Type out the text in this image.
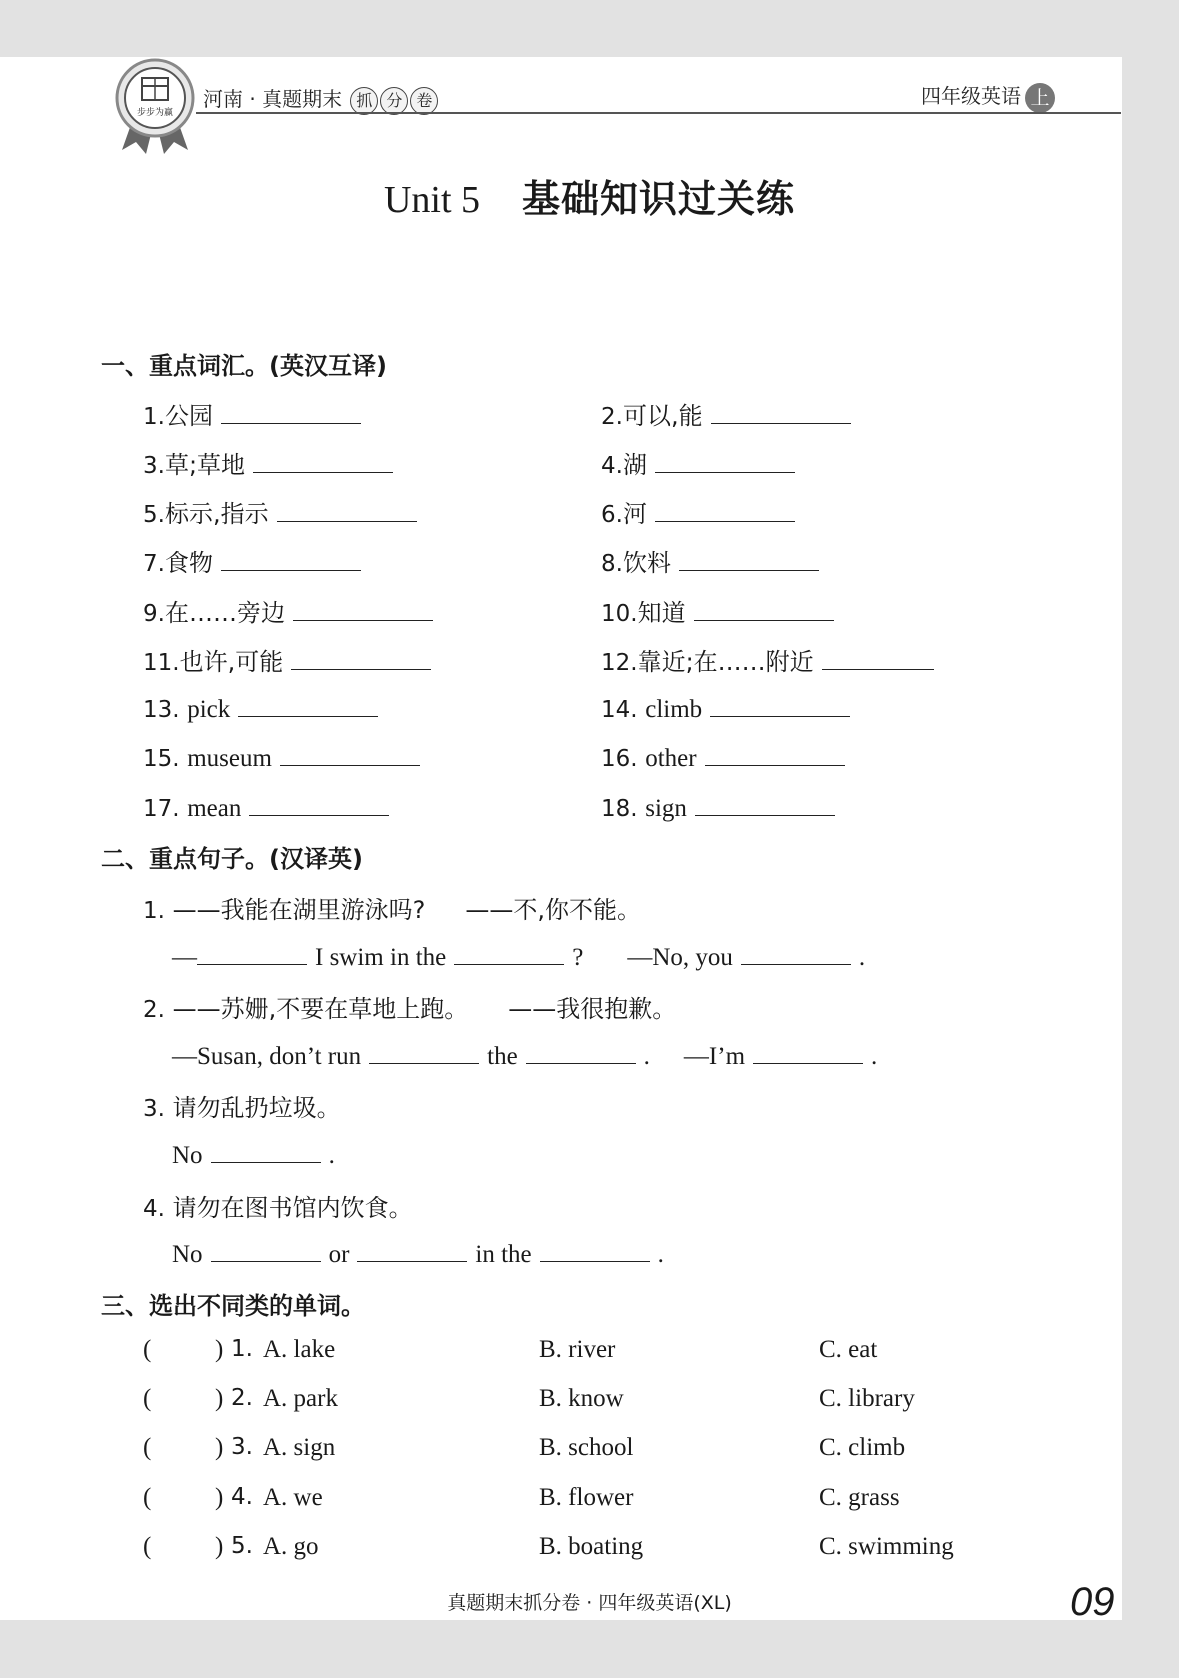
步步为赢
河南 · 真题期末 抓 分 卷	四年级英语 上
Unit 5 基础知识过关练
一、重点词汇。(英汉互译)
1.公园	2.可以,能
3.草;草地	4.湖
5.标示,指示	6.河
7.食物	8.饮料
9.在……旁边	10.知道
11.也许,可能	12.靠近;在……附近
13. pick	14. climb
15. museum	16. other
17. mean	18. sign
二、重点句子。(汉译英)
1. ——我能在湖里游泳吗? ——不,你不能。
—	I swim in the	? —No, you	.
2. ——苏姗,不要在草地上跑。 ——我很抱歉。
—Susan, don’t run	the	. —I’m	.
3. 请勿乱扔垃圾。
No	.
4. 请勿在图书馆内饮食。
No	or	in the	.
三、选出不同类的单词。
(	) 1. A. lake	B. river	C. eat
(	) 2. A. park	B. know	C. library
(	) 3. A. sign	B. school	C. climb
(	) 4. A. we	B. flower	C. grass
(	) 5. A. go	B. boating	C. swimming
真题期末抓分卷 · 四年级英语(XL)	09
